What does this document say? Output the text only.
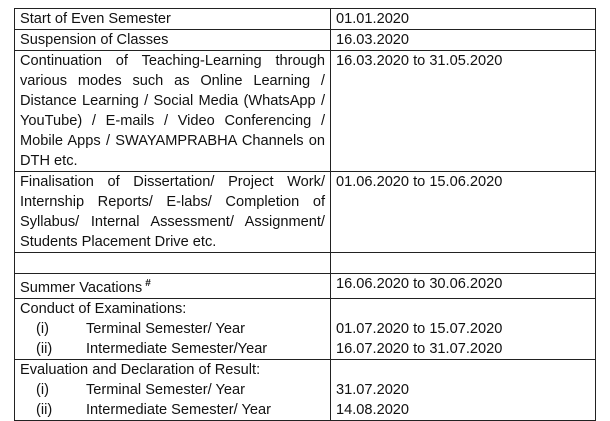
Start of Even Semester	01.01.2020
Suspension of Classes	16.03.2020
Continuation of Teaching-Learning through various modes such as Online Learning / Distance Learning / Social Media (WhatsApp / YouTube) / E-mails / Video Conferencing / Mobile Apps / SWAYAMPRABHA Channels on DTH etc.	16.03.2020 to 31.05.2020
Finalisation of Dissertation/ Project Work/ Internship Reports/ E-labs/ Completion of Syllabus/ Internal Assessment/ Assignment/ Students Placement Drive etc.	01.06.2020 to 15.06.2020

Summer Vacations #	16.06.2020 to 30.06.2020
Conduct of Examinations:	

(i) Terminal Semester/ Year	01.07.2020 to 15.07.2020

(ii) Intermediate Semester/Year	16.07.2020 to 31.07.2020
Evaluation and Declaration of Result:	

(i) Terminal Semester/ Year	31.07.2020

(ii) Intermediate Semester/ Year	14.08.2020
